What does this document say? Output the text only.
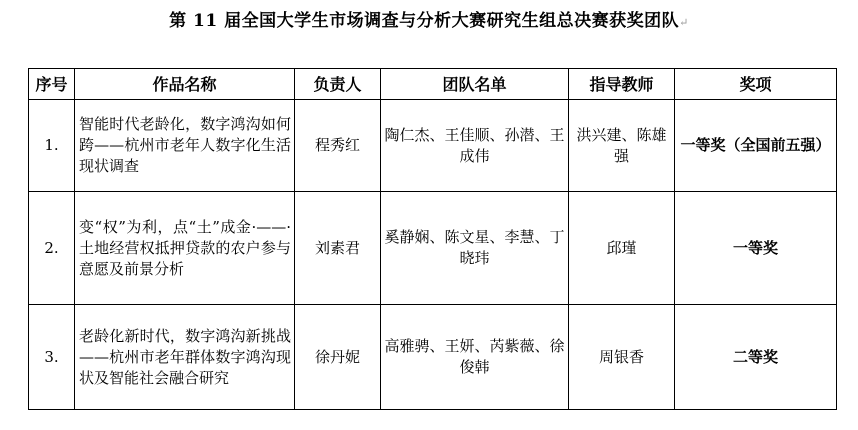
第 11 届全国大学生市场调查与分析大赛研究生组总决赛获奖团队↵
序号	作品名称	负责人	团队名单	指导教师	奖项
1.	智能时代老龄化，数字鸿沟如何跨——杭州市老年人数字化生活现状调查	程秀红	陶仁杰、王佳顺、孙潜、王成伟	洪兴建、陈雄强	一等奖（全国前五强）
2.	变“权”为利，点“土”成金·——·土地经营权抵押贷款的农户参与意愿及前景分析	刘素君	奚静娴、陈文星、李慧、丁晓玮	邱瑾	一等奖
3.	老龄化新时代，数字鸿沟新挑战——杭州市老年群体数字鸿沟现状及智能社会融合研究	徐丹妮	高雅骋、王妍、芮紫薇、徐俊韩	周银香	二等奖
